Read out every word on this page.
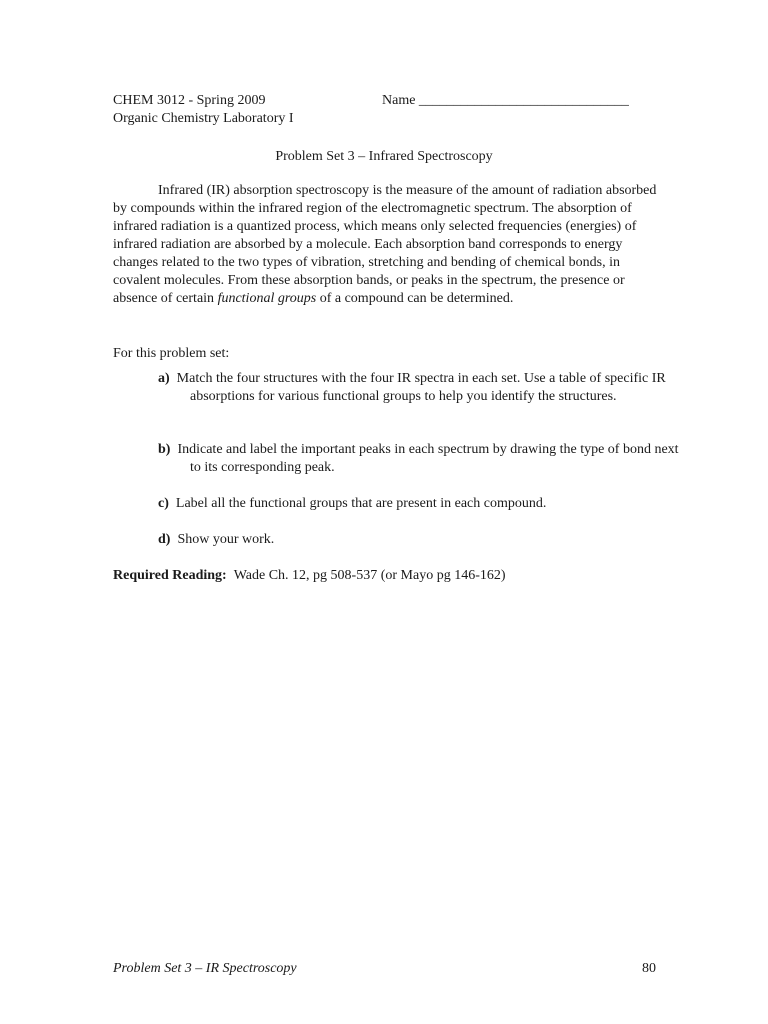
CHEM 3012 - Spring 2009	Name ______________________________
Organic Chemistry Laboratory I
Problem Set 3 – Infrared Spectroscopy

Infrared (IR) absorption spectroscopy is the measure of the amount of radiation absorbed by compounds within the infrared region of the electromagnetic spectrum. The absorption of infrared radiation is a quantized process, which means only selected frequencies (energies) of infrared radiation are absorbed by a molecule. Each absorption band corresponds to energy changes related to the two types of vibration, stretching and bending of chemical bonds, in covalent molecules. From these absorption bands, or peaks in the spectrum, the presence or absence of certain functional groups of a compound can be determined.

For this problem set:

a) Match the four structures with the four IR spectra in each set. Use a table of specific IR absorptions for various functional groups to help you identify the structures.

b) Indicate and label the important peaks in each spectrum by drawing the type of bond next to its corresponding peak.

c) Label all the functional groups that are present in each compound.

d) Show your work.

Required Reading: Wade Ch. 12, pg 508-537 (or Mayo pg 146-162)

Problem Set 3 – IR Spectroscopy	80
